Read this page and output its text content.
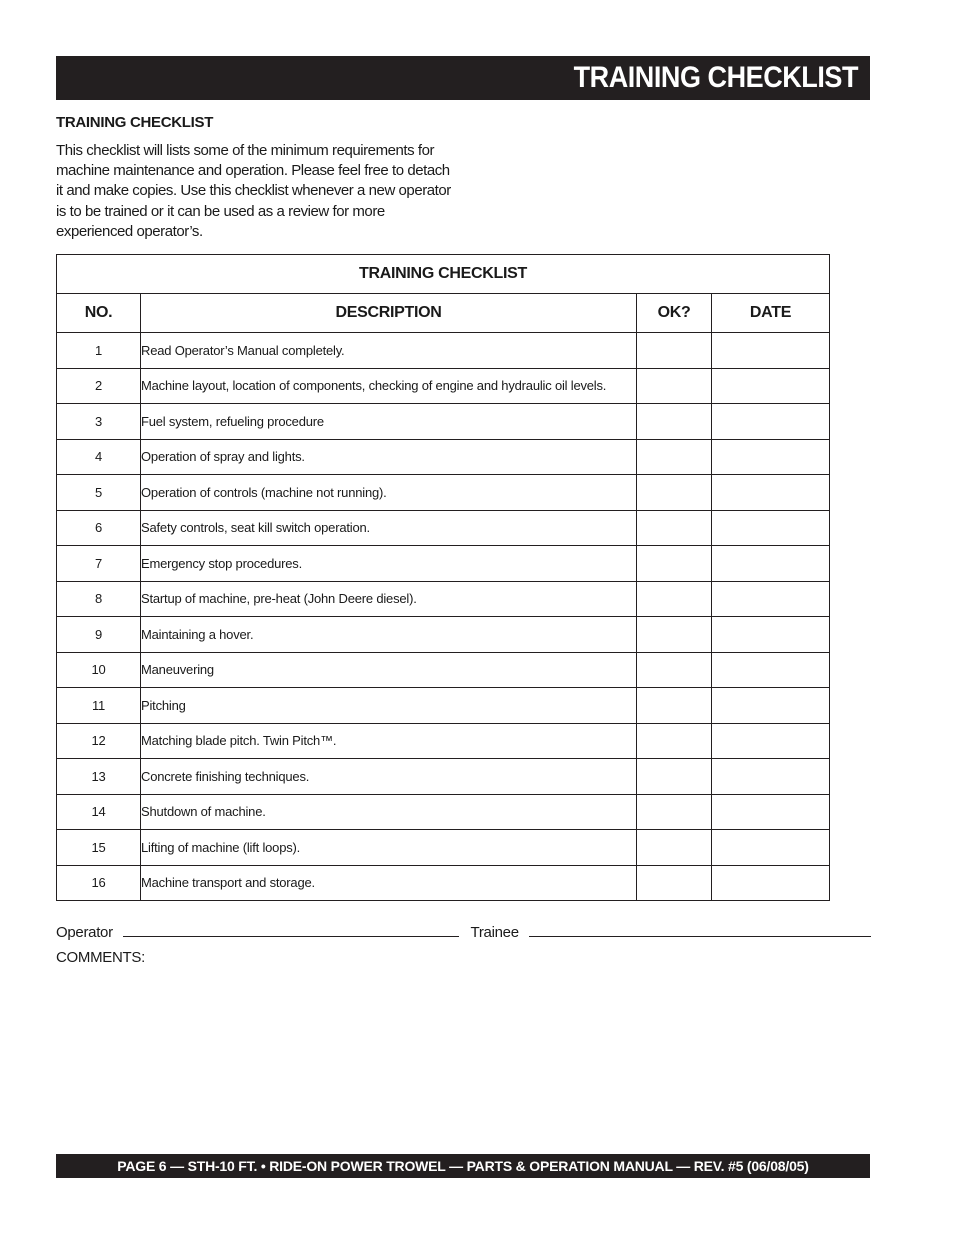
TRAINING CHECKLIST
TRAINING CHECKLIST

This checklist will lists some of the minimum requirements for machine maintenance and operation. Please feel free to detach it and make copies. Use this checklist whenever a new operator is to be trained or it can be used as a review for more experienced operator’s.

TRAINING CHECKLIST			
NO.	DESCRIPTION	OK?	DATE
1	Read Operator’s Manual completely.		
2	Machine layout, location of components, checking of engine and hydraulic oil levels.		
3	Fuel system, refueling procedure		
4	Operation of spray and lights.		
5	Operation of controls (machine not running).		
6	Safety controls, seat kill switch operation.		
7	Emergency stop procedures.		
8	Startup of machine, pre-heat (John Deere diesel).		
9	Maintaining a hover.		
10	Maneuvering		
11	Pitching		
12	Matching blade pitch. Twin Pitch™.		
13	Concrete finishing techniques.		
14	Shutdown of machine.		
15	Lifting of machine (lift loops).		
16	Machine transport and storage.		
Operator	Trainee
COMMENTS:
PAGE 6 — STH-10 FT. • RIDE-ON POWER TROWEL — PARTS & OPERATION MANUAL — REV. #5 (06/08/05)
